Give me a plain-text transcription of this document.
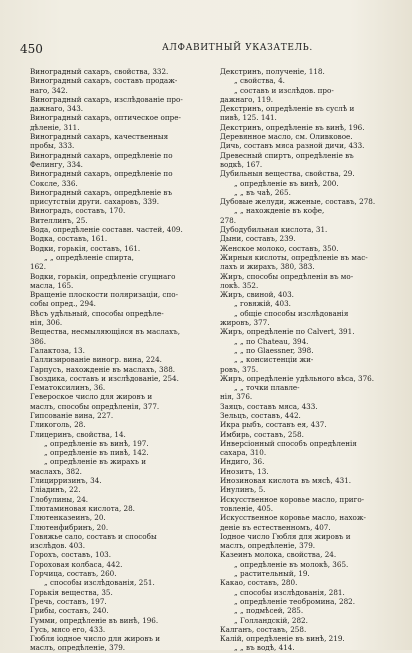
450	АЛФАВИТНЫЙ УКАЗАТЕЛЬ.
Виноградный сахаръ, свойства, 332.
Виноградный сахаръ, составъ продаж-
наго, 342.
Виноградный сахаръ, изслѣдованіе про-
дажнаго, 343.
Виноградный сахаръ, оптическое опре-
дѣленіе, 311.
Виноградный сахаръ, качественныя
пробы, 333.
Виноградный сахаръ, опредѣленіе по
Фелингу, 334.
Виноградный сахаръ, опредѣленіе по
Сокслe, 336.
Виноградный сахаръ, опредѣленіе въ
присутствіи други. сахаровъ, 339.
Виноградъ, составъ, 170.
Вителлинъ, 25.
Вода, опредѣленіе составн. частей, 409.
Водка, составъ, 161.
Водки, горькія, составъ, 161.
„ „ опредѣленіе спирта,
162.
Водки, горькія, опредѣленіе сгущнаго
масла, 165.
Вращеніе плоскости поляризаціи, спо-
собы опред., 294.
Вѣсъ удѣльный, способы опредѣле-
нія, 306.
Вещества, несмыляющіяся въ маслахъ,
386.
Галактоза, 13.
Галлизированіе виногр. вина, 224.
Гарпусъ, нахожденіе въ маслахъ, 388.
Гвоздика, составъ и изслѣдованіе, 254.
Гематоксилинъ, 36.
Гевероское число для жировъ и
маслъ, способы опредѣленія, 377.
Гипсованіе вина, 227.
Гликоголь, 28.
Глицеринъ, свойства, 14.
„ опредѣленіе въ винѣ, 197.
„ опредѣленіе въ пивѣ, 142.
„ опредѣленіе въ жирахъ и
маслахъ, 382.
Глицирризинъ, 34.
Гліадинъ, 22.
Глобулины, 24.
Глютаминовая кислота, 28.
Глютенказеинъ, 20.
Глютенфибринъ, 20.
Говяжье сало, составъ и способы
изслѣдов. 403.
Горохъ, составъ, 103.
Гороховая колбаса, 442.
Горчица, составъ, 260.
„ способы изслѣдованія, 251.
Горькія вещества, 35.
Гречь, составъ, 197.
Грибы, составъ, 240.
Гумми, опредѣленіе въ винѣ, 196.
Гусь, мясо его, 433.
Гюбля іодное число для жировъ и
маслъ, опредѣленіе, 379.
Декстринъ, полученіе, 118.
„ свойства, 4.
„ составъ и изслѣдов. про-
дажнаго, 119.
Декстринъ, опредѣленіе въ суслѣ и
пивѣ, 125. 141.
Декстринъ, опредѣленіе въ винѣ, 196.
Деревянное масло, см. Оливковое.
Дичь, составъ мяса разной дичи, 433.
Древесный спиртъ, опредѣленіе въ
водкѣ, 167.
Дубильныя вещества, свойства, 29.
„ опредѣленіе въ винѣ, 200.
„ „ въ чаѣ, 265.
Дубовые желуди, жженые, составъ, 278.
„ „ нахожденіе въ кофе,
278.
Дубодубильная кислота, 31.
Дыни, составъ, 239.
Женское молоко, составъ, 350.
Жирныя кислоты, опредѣленіе въ мас-
лахъ и жирахъ, 380, 383.
Жиръ, способы опредѣленія въ мо-
локѣ. 352.
Жиръ, свиной, 403.
„ говяжій, 403.
„ общіе способы изслѣдованія
жировъ, 377.
Жиръ, опредѣленіе по Calvert, 391.
„ „ по Chateau, 394.
„ „ по Glaessner, 398.
„ „ консистенціи жи-
ровъ, 375.
Жиръ, опредѣленіе удѣльного вѣса, 376.
„ „ точки плавле-
нія, 376.
Заяцъ, составъ мяса, 433.
Зельцъ, составъ, 442.
Икра рыбъ, составъ ея, 437.
Имбирь, составъ, 258.
Инверсіонный способъ опредѣленія
сахара, 310.
Индиго, 36.
Инозитъ, 13.
Инозиновая кислота въ мясѣ, 431.
Инулинъ, 5.
Искусственное коровье масло, приго-
товленіе, 405.
Искусственное коровье масло, нахож-
деніе въ естественномъ, 407.
Іодное число Гюбля для жировъ и
маслъ, опредѣленіе, 379.
Казеинъ молока, свойства, 24.
„ опредѣленіе въ молокѣ, 365.
„ растительный, 19.
Какао, составъ, 280.
„ способы изслѣдованія, 281.
„ опредѣленіе теобромина, 282.
„ „ подмѣсей, 285.
„ Голландскій, 282.
Калганъ, составъ, 258.
Калій, опредѣленіе въ винѣ, 219.
„ „ въ водѣ, 414.
